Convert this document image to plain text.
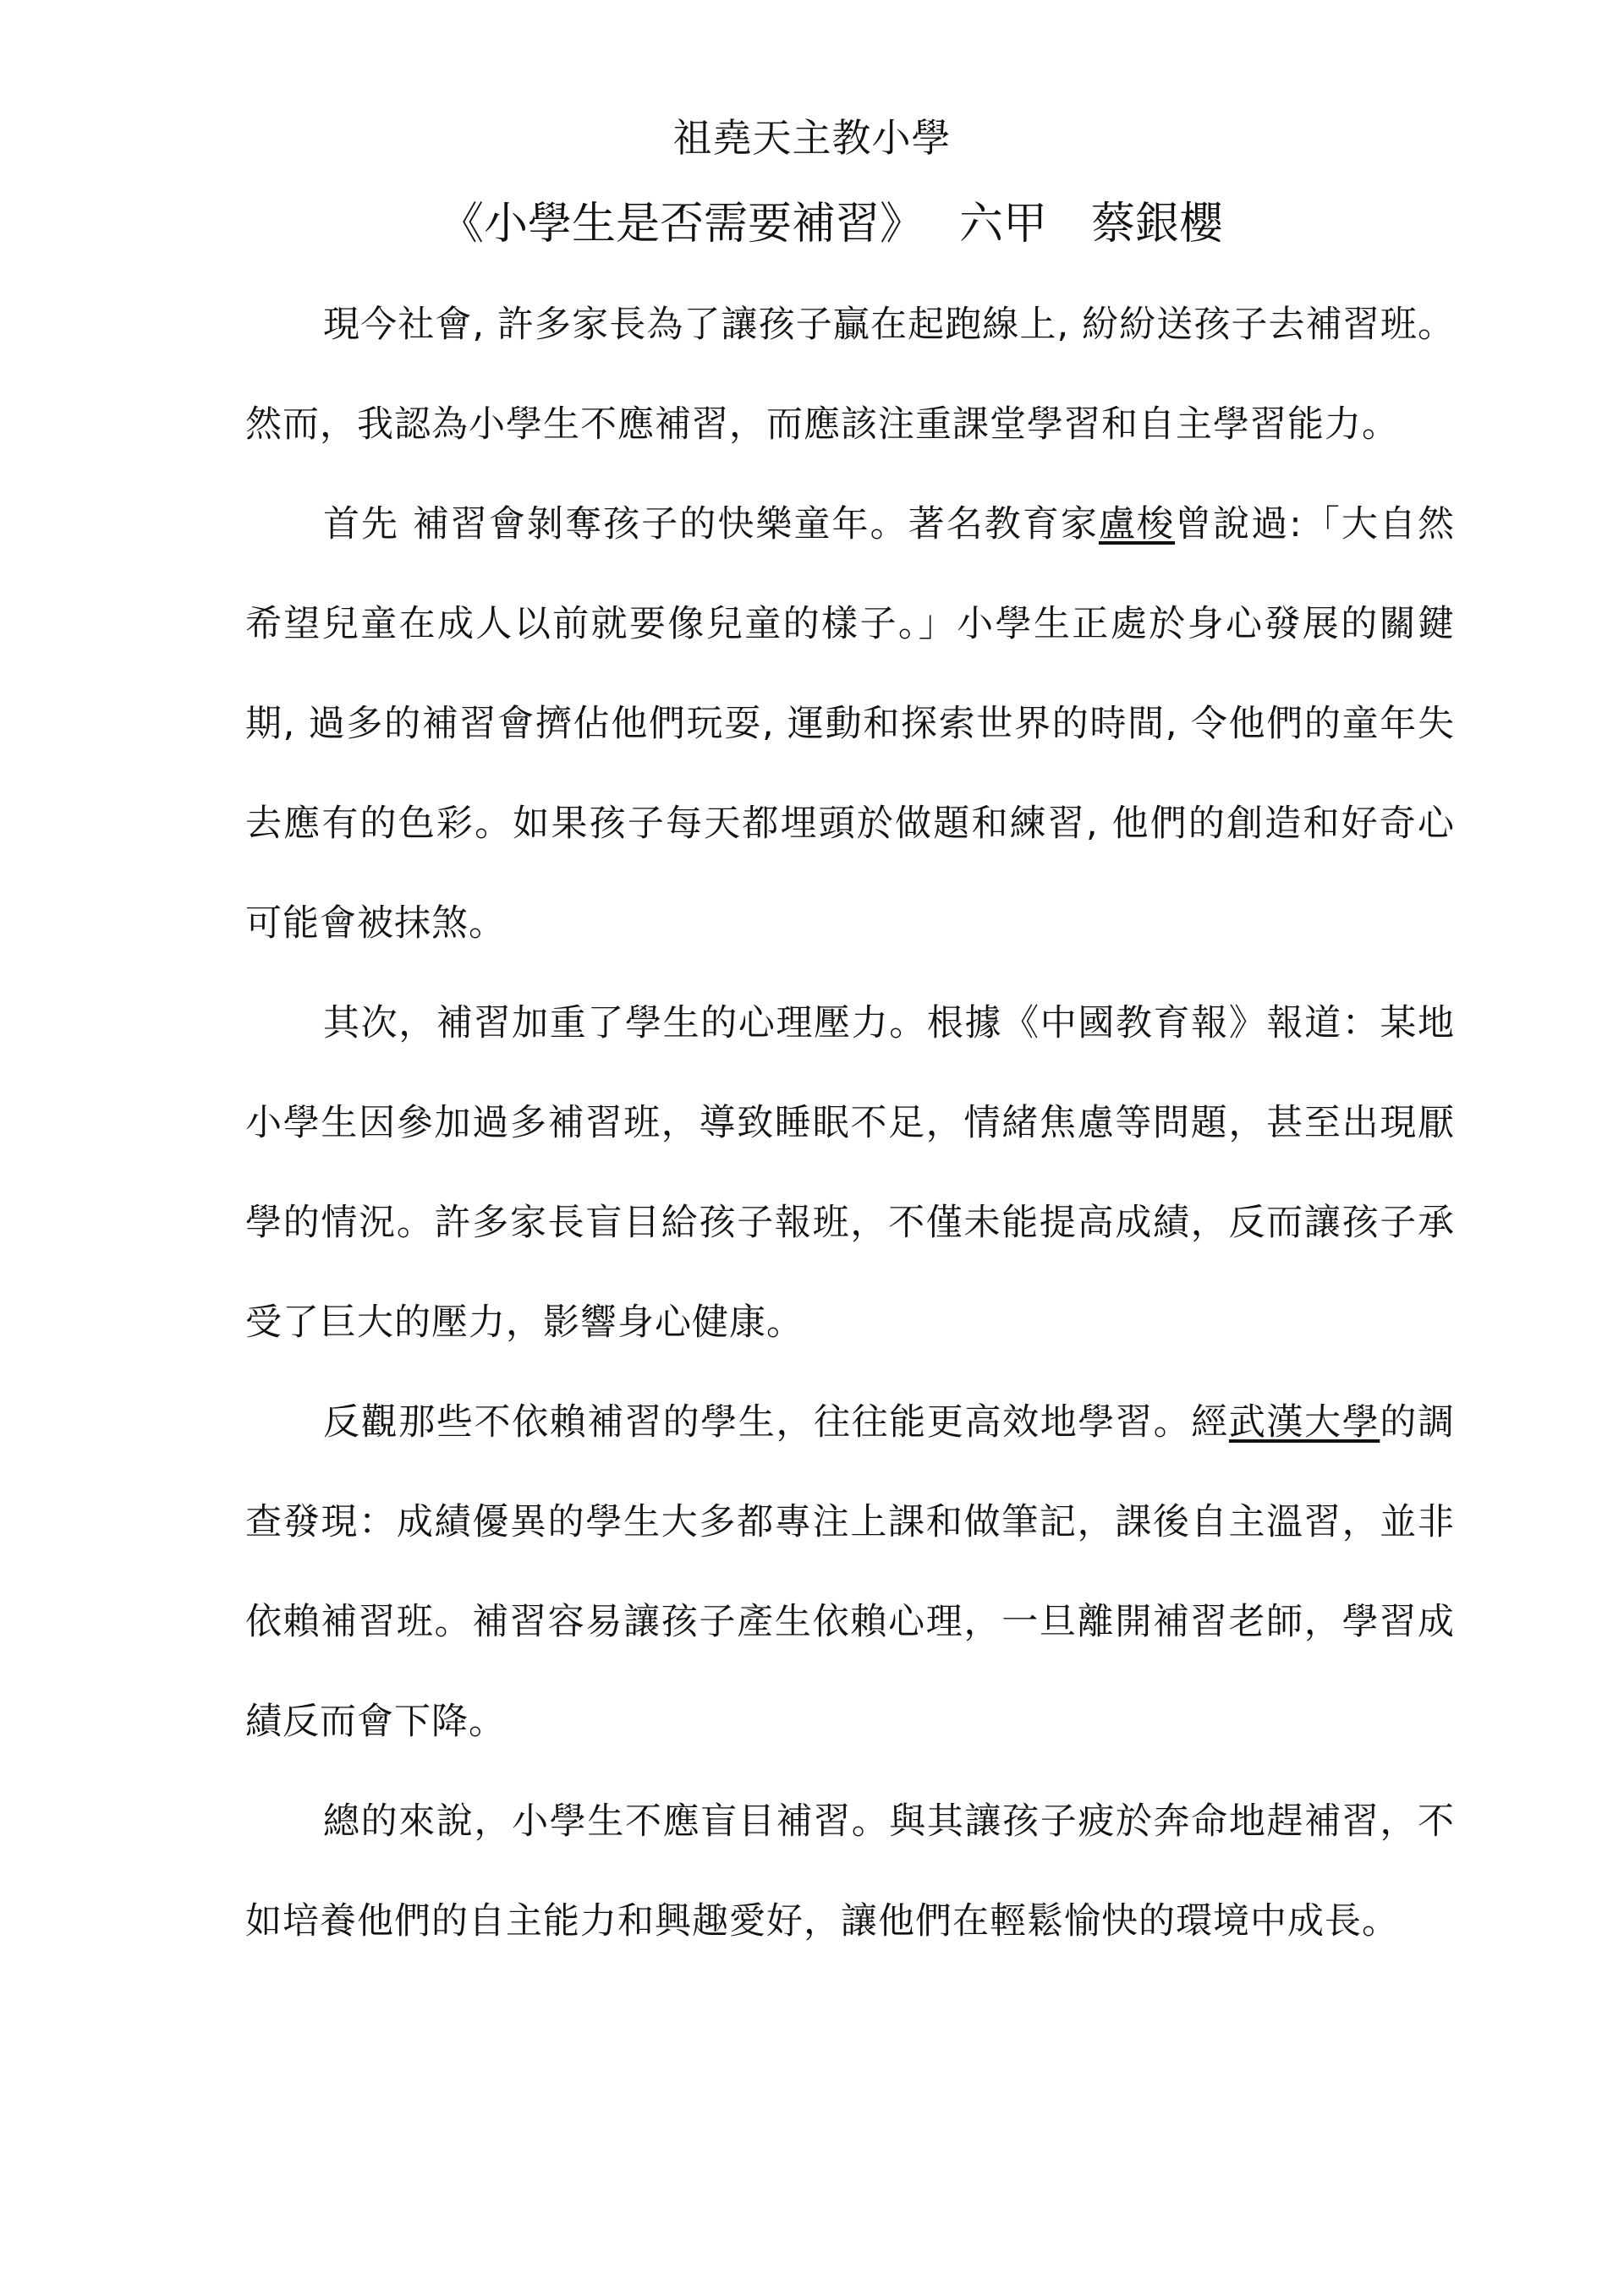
祖堯天主教小學
《小學生是否需要補習》 六甲 蔡銀櫻

現今社會, 許多家長為了讓孩子贏在起跑線上, 紛紛送孩子去補習班。然而，我認為小學生不應補習，而應該注重課堂學習和自主學習能力。

首先 補習會剝奪孩子的快樂童年。著名教育家盧梭曾說過:「大自然希望兒童在成人以前就要像兒童的樣子。」小學生正處於身心發展的關鍵期, 過多的補習會擠佔他們玩耍, 運動和探索世界的時間, 令他們的童年失去應有的色彩。如果孩子每天都埋頭於做題和練習, 他們的創造和好奇心可能會被抹煞。

其次，補習加重了學生的心理壓力。根據《中國教育報》報道：某地小學生因參加過多補習班，導致睡眠不足，情緒焦慮等問題，甚至出現厭學的情況。許多家長盲目給孩子報班，不僅未能提高成績，反而讓孩子承受了巨大的壓力，影響身心健康。

反觀那些不依賴補習的學生，往往能更高效地學習。經武漢大學的調查發現：成績優異的學生大多都專注上課和做筆記，課後自主溫習，並非依賴補習班。補習容易讓孩子產生依賴心理，一旦離開補習老師，學習成績反而會下降。

總的來說，小學生不應盲目補習。與其讓孩子疲於奔命地趕補習，不如培養他們的自主能力和興趣愛好，讓他們在輕鬆愉快的環境中成長。
